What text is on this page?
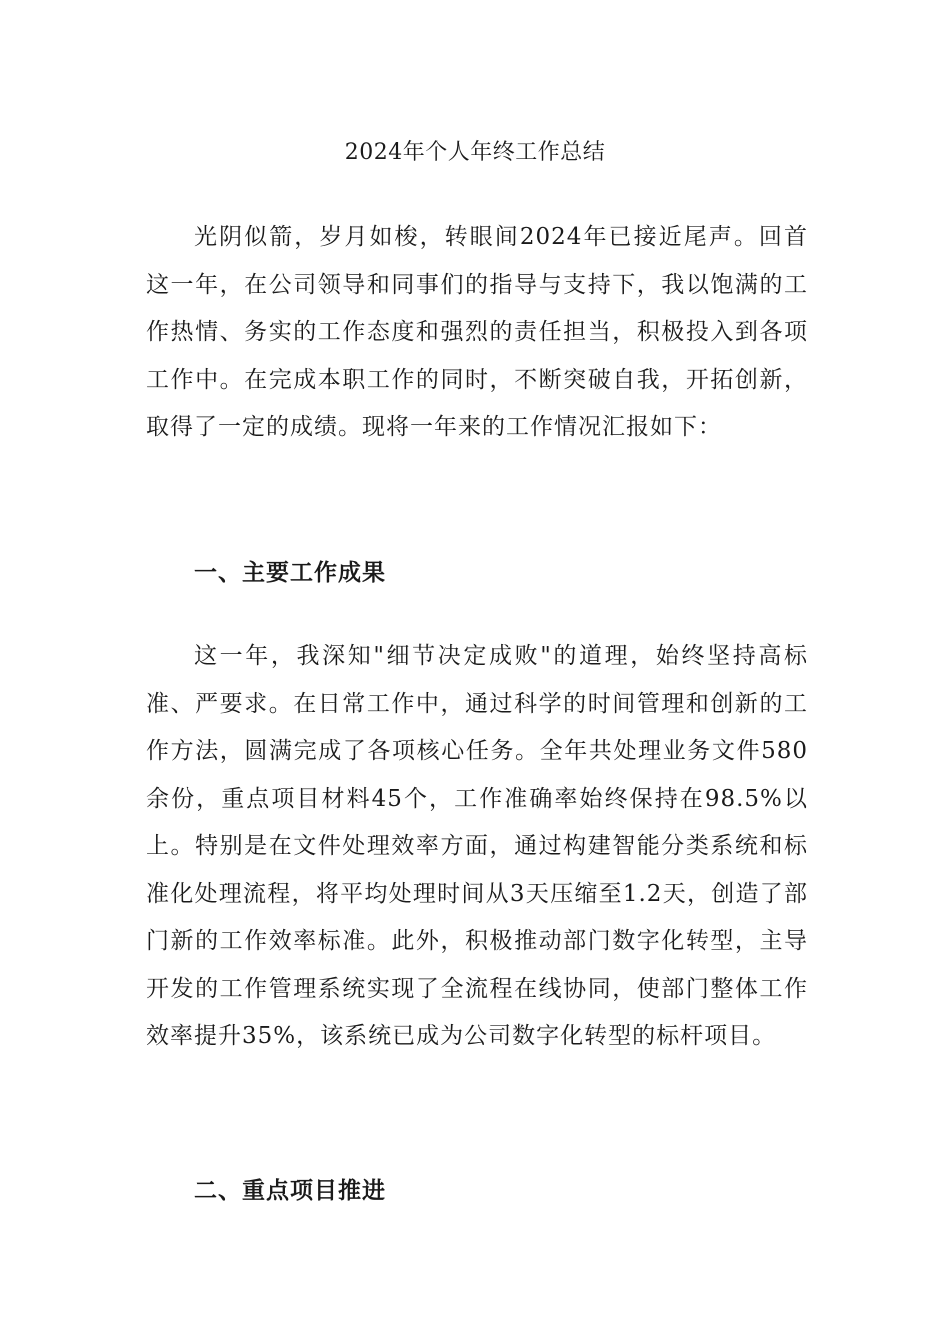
2024年个人年终工作总结
光阴似箭，岁月如梭，转眼间2024年已接近尾声。回首这一年，在公司领导和同事们的指导与支持下，我以饱满的工作热情、务实的工作态度和强烈的责任担当，积极投入到各项工作中。在完成本职工作的同时，不断突破自我，开拓创新，取得了一定的成绩。现将一年来的工作情况汇报如下：
一、主要工作成果
这一年，我深知"细节决定成败"的道理，始终坚持高标准、严要求。在日常工作中，通过科学的时间管理和创新的工作方法，圆满完成了各项核心任务。全年共处理业务文件580余份，重点项目材料45个，工作准确率始终保持在98.5%以上。特别是在文件处理效率方面，通过构建智能分类系统和标准化处理流程，将平均处理时间从3天压缩至1.2天，创造了部门新的工作效率标准。此外，积极推动部门数字化转型，主导开发的工作管理系统实现了全流程在线协同，使部门整体工作效率提升35%，该系统已成为公司数字化转型的标杆项目。
二、重点项目推进
